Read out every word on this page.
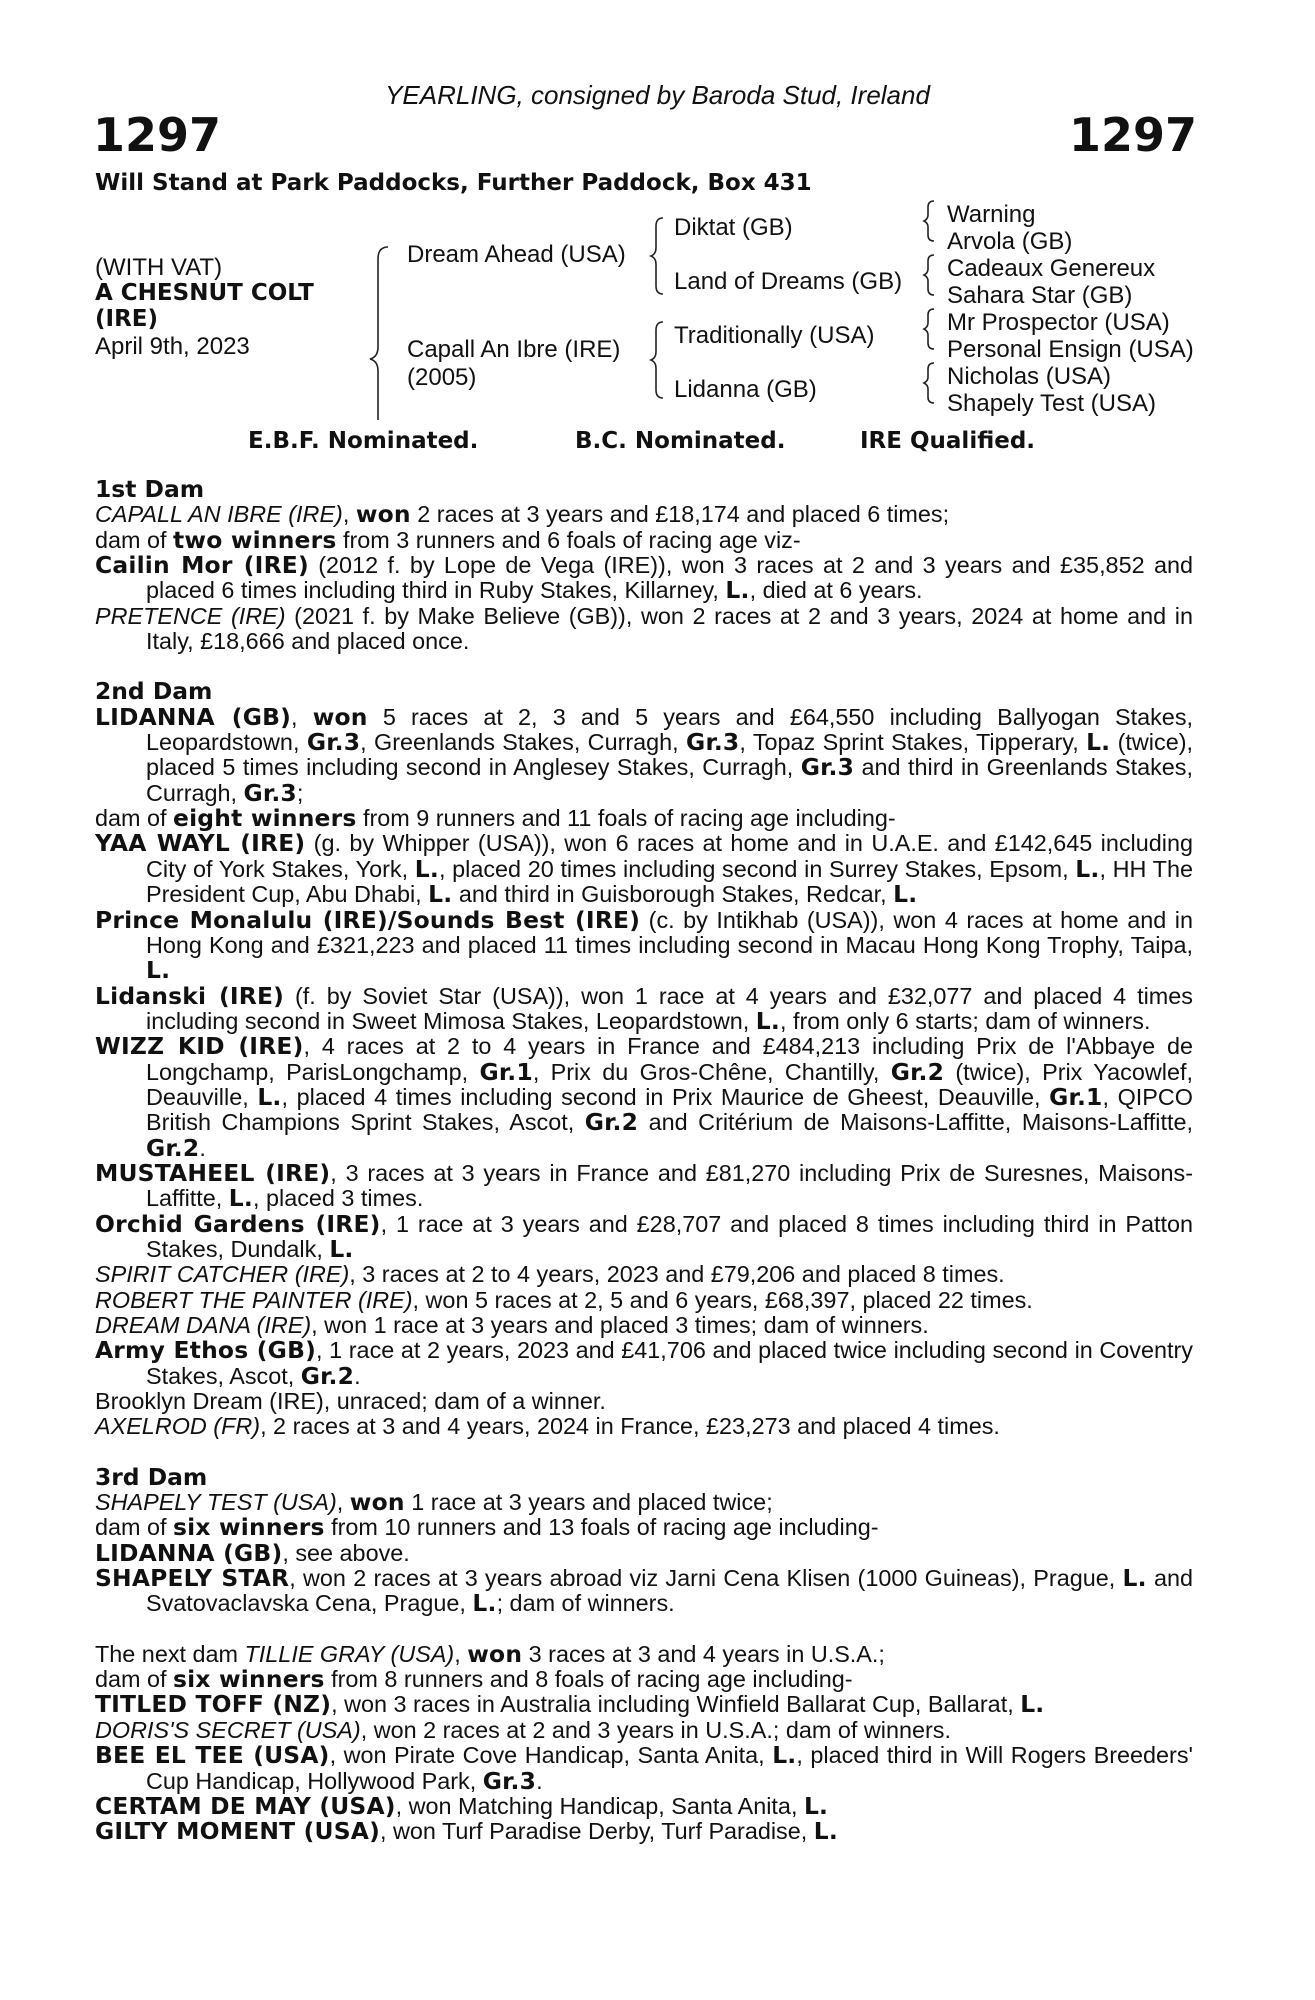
YEARLING, consigned by Baroda Stud, Ireland
1297	1297
Will Stand at Park Paddocks, Further Paddock, Box 431
(WITH VAT)
A CHESNUT COLT
(IRE)
April 9th, 2023
Dream Ahead (USA)
Capall An Ibre (IRE)
(2005)
Diktat (GB)
Land of Dreams (GB)
Traditionally (USA)
Lidanna (GB)
Warning
Arvola (GB)
Cadeaux Genereux
Sahara Star (GB)
Mr Prospector (USA)
Personal Ensign (USA)
Nicholas (USA)
Shapely Test (USA)
E.B.F. Nominated.	B.C. Nominated.	IRE Qualified.

1st Dam

CAPALL AN IBRE (IRE), won 2 races at 3 years and £18,174 and placed 6 times;

dam of two winners from 3 runners and 6 foals of racing age viz-

Cailin Mor (IRE) (2012 f. by Lope de Vega (IRE)), won 3 races at 2 and 3 years and £35,852 and placed 6 times including third in Ruby Stakes, Killarney, L., died at 6 years.

PRETENCE (IRE) (2021 f. by Make Believe (GB)), won 2 races at 2 and 3 years, 2024 at home and in Italy, £18,666 and placed once.

2nd Dam

LIDANNA (GB), won 5 races at 2, 3 and 5 years and £64,550 including Ballyogan Stakes, Leopardstown, Gr.3, Greenlands Stakes, Curragh, Gr.3, Topaz Sprint Stakes, Tipperary, L. (twice), placed 5 times including second in Anglesey Stakes, Curragh, Gr.3 and third in Greenlands Stakes, Curragh, Gr.3;

dam of eight winners from 9 runners and 11 foals of racing age including-

YAA WAYL (IRE) (g. by Whipper (USA)), won 6 races at home and in U.A.E. and £142,645 including City of York Stakes, York, L., placed 20 times including second in Surrey Stakes, Epsom, L., HH The President Cup, Abu Dhabi, L. and third in Guisborough Stakes, Redcar, L.

Prince Monalulu (IRE)/Sounds Best (IRE) (c. by Intikhab (USA)), won 4 races at home and in Hong Kong and £321,223 and placed 11 times including second in Macau Hong Kong Trophy, Taipa, L.

Lidanski (IRE) (f. by Soviet Star (USA)), won 1 race at 4 years and £32,077 and placed 4 times including second in Sweet Mimosa Stakes, Leopardstown, L., from only 6 starts; dam of winners.

WIZZ KID (IRE), 4 races at 2 to 4 years in France and £484,213 including Prix de l'Abbaye de Longchamp, ParisLongchamp, Gr.1, Prix du Gros-Chêne, Chantilly, Gr.2 (twice), Prix Yacowlef, Deauville, L., placed 4 times including second in Prix Maurice de Gheest, Deauville, Gr.1, QIPCO British Champions Sprint Stakes, Ascot, Gr.2 and Critérium de Maisons-Laffitte, Maisons-Laffitte, Gr.2.

MUSTAHEEL (IRE), 3 races at 3 years in France and £81,270 including Prix de Suresnes, Maisons-Laffitte, L., placed 3 times.

Orchid Gardens (IRE), 1 race at 3 years and £28,707 and placed 8 times including third in Patton Stakes, Dundalk, L.

SPIRIT CATCHER (IRE), 3 races at 2 to 4 years, 2023 and £79,206 and placed 8 times.

ROBERT THE PAINTER (IRE), won 5 races at 2, 5 and 6 years, £68,397, placed 22 times.

DREAM DANA (IRE), won 1 race at 3 years and placed 3 times; dam of winners.

Army Ethos (GB), 1 race at 2 years, 2023 and £41,706 and placed twice including second in Coventry Stakes, Ascot, Gr.2.

Brooklyn Dream (IRE), unraced; dam of a winner.

AXELROD (FR), 2 races at 3 and 4 years, 2024 in France, £23,273 and placed 4 times.

3rd Dam

SHAPELY TEST (USA), won 1 race at 3 years and placed twice;

dam of six winners from 10 runners and 13 foals of racing age including-

LIDANNA (GB), see above.

SHAPELY STAR, won 2 races at 3 years abroad viz Jarni Cena Klisen (1000 Guineas), Prague, L. and Svatovaclavska Cena, Prague, L.; dam of winners.

The next dam TILLIE GRAY (USA), won 3 races at 3 and 4 years in U.S.A.;

dam of six winners from 8 runners and 8 foals of racing age including-

TITLED TOFF (NZ), won 3 races in Australia including Winfield Ballarat Cup, Ballarat, L.

DORIS'S SECRET (USA), won 2 races at 2 and 3 years in U.S.A.; dam of winners.

BEE EL TEE (USA), won Pirate Cove Handicap, Santa Anita, L., placed third in Will Rogers Breeders' Cup Handicap, Hollywood Park, Gr.3.

CERTAM DE MAY (USA), won Matching Handicap, Santa Anita, L.

GILTY MOMENT (USA), won Turf Paradise Derby, Turf Paradise, L.
